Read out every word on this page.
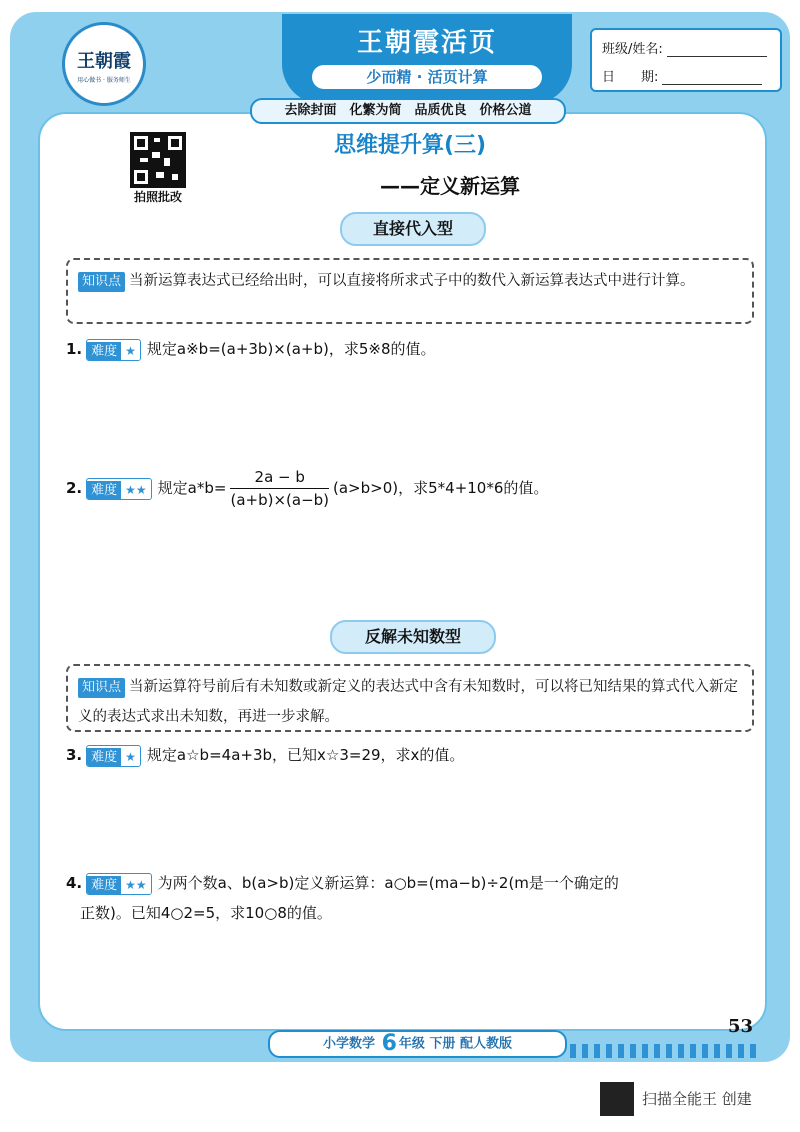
王朝霞
用心做书 · 服务师生
王朝霞活页
少而精 · 活页计算
班级/姓名:
日　　期:
去除封面　化繁为简　品质优良　价格公道
拍照批改
思维提升算(三)
——定义新运算
直接代入型
知识点 当新运算表达式已经给出时，可以直接将所求式子中的数代入新运算表达式中进行计算。
1. 难度 ★ 规定a※b=(a+3b)×(a+b)，求5※8的值。
2. 难度 ★★ 规定$a*b= \frac{2a - b}{(a+b)\times(a-b)} (a>b>0)$，求5*4+10*6的值。
反解未知数型
知识点 当新运算符号前后有未知数或新定义的表达式中含有未知数时，可以将已知结果的算式代入新定义的表达式求出未知数，再进一步求解。
3. 难度 ★ 规定a☆b=4a+3b，已知x☆3=29，求x的值。
4. 难度 ★★ 为两个数a、b(a>b)定义新运算：a○b=(ma−b)÷2(m是一个确定的
正数)。已知4○2=5，求10○8的值。
小学数学 6 年级 下册 配人教版
53
扫描全能王 创建
